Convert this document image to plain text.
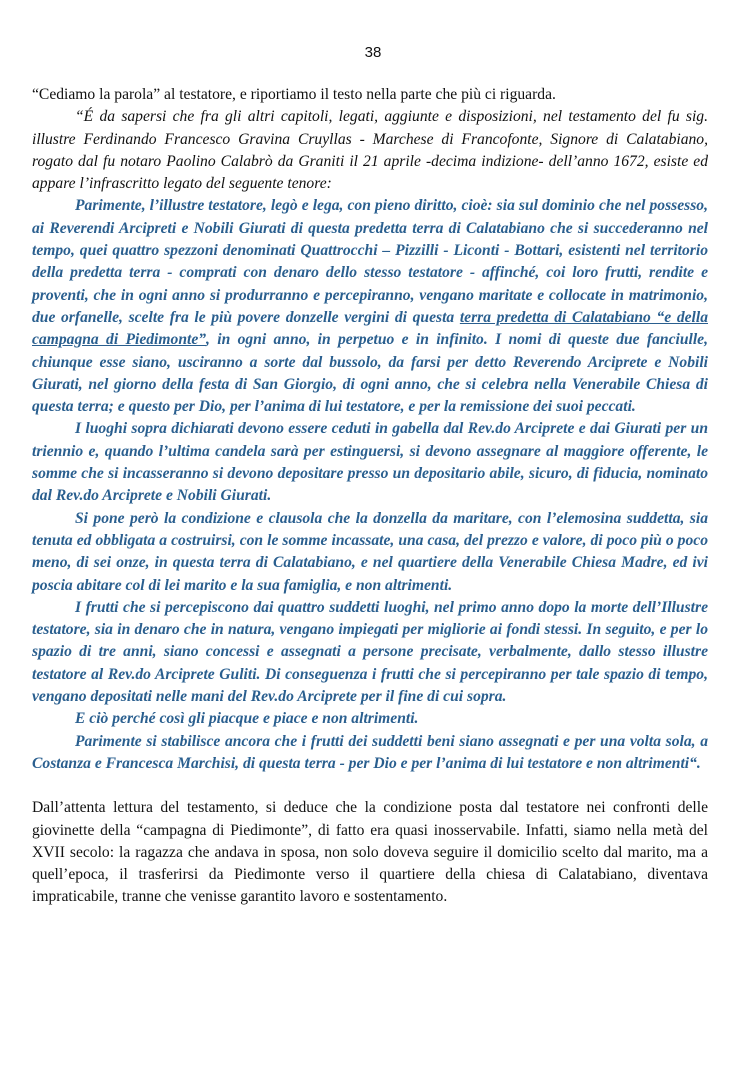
38

“Cediamo la parola” al testatore, e riportiamo il testo nella parte che più ci riguarda.

“É da sapersi che fra gli altri capitoli, legati, aggiunte e disposizioni, nel testamento del fu sig. illustre Ferdinando Francesco Gravina Cruyllas - Marchese di Francofonte, Signore di Calatabiano, rogato dal fu notaro Paolino Calabrò da Graniti il 21 aprile -decima indizione- dell’anno 1672, esiste ed appare l’infrascritto legato del seguente tenore:

Parimente, l’illustre testatore, legò e lega, con pieno diritto, cioè: sia sul dominio che nel possesso, ai Reverendi Arcipreti e Nobili Giurati di questa predetta terra di Calatabiano che si succederanno nel tempo, quei quattro spezzoni denominati Quattrocchi – Pizzilli - Liconti - Bottari, esistenti nel territorio della predetta terra - comprati con denaro dello stesso testatore - affinché, coi loro frutti, rendite e proventi, che in ogni anno si produrranno e percepiranno, vengano maritate e collocate in matrimonio, due orfanelle, scelte fra le più povere donzelle vergini di questa terra predetta di Calatabiano “e della campagna di Piedimonte”, in ogni anno, in perpetuo e in infinito. I nomi di queste due fanciulle, chiunque esse siano, usciranno a sorte dal bussolo, da farsi per detto Reverendo Arciprete e Nobili Giurati, nel giorno della festa di San Giorgio, di ogni anno, che si celebra nella Venerabile Chiesa di questa terra; e questo per Dio, per l’anima di lui testatore, e per la remissione dei suoi peccati.

I luoghi sopra dichiarati devono essere ceduti in gabella dal Rev.do Arciprete e dai Giurati per un triennio e, quando l’ultima candela sarà per estinguersi, si devono assegnare al maggiore offerente, le somme che si incasseranno si devono depositare presso un depositario abile, sicuro, di fiducia, nominato dal Rev.do Arciprete e Nobili Giurati.

Si pone però la condizione e clausola che la donzella da maritare, con l’elemosina suddetta, sia tenuta ed obbligata a costruirsi, con le somme incassate, una casa, del prezzo e valore, di poco più o poco meno, di sei onze, in questa terra di Calatabiano, e nel quartiere della Venerabile Chiesa Madre, ed ivi poscia abitare col di lei marito e la sua famiglia, e non altrimenti.

I frutti che si percepiscono dai quattro suddetti luoghi, nel primo anno dopo la morte dell’Illustre testatore, sia in denaro che in natura, vengano impiegati per migliorie ai fondi stessi. In seguito, e per lo spazio di tre anni, siano concessi e assegnati a persone precisate, verbalmente, dallo stesso illustre testatore al Rev.do Arciprete Guliti. Di conseguenza i frutti che si percepiranno per tale spazio di tempo, vengano depositati nelle mani del Rev.do Arciprete per il fine di cui sopra.

E ciò perché così gli piacque e piace e non altrimenti.

Parimente si stabilisce ancora che i frutti dei suddetti beni siano assegnati e per una volta sola, a Costanza e Francesca Marchisi, di questa terra - per Dio e per l’anima di lui testatore e non altrimenti“.

Dall’attenta lettura del testamento, si deduce che la condizione posta dal testatore nei confronti delle giovinette della “campagna di Piedimonte”, di fatto era quasi inosservabile. Infatti, siamo nella metà del XVII secolo: la ragazza che andava in sposa, non solo doveva seguire il domicilio scelto dal marito, ma a quell’epoca, il trasferirsi da Piedimonte verso il quartiere della chiesa di Calatabiano, diventava impraticabile, tranne che venisse garantito lavoro e sostentamento.
